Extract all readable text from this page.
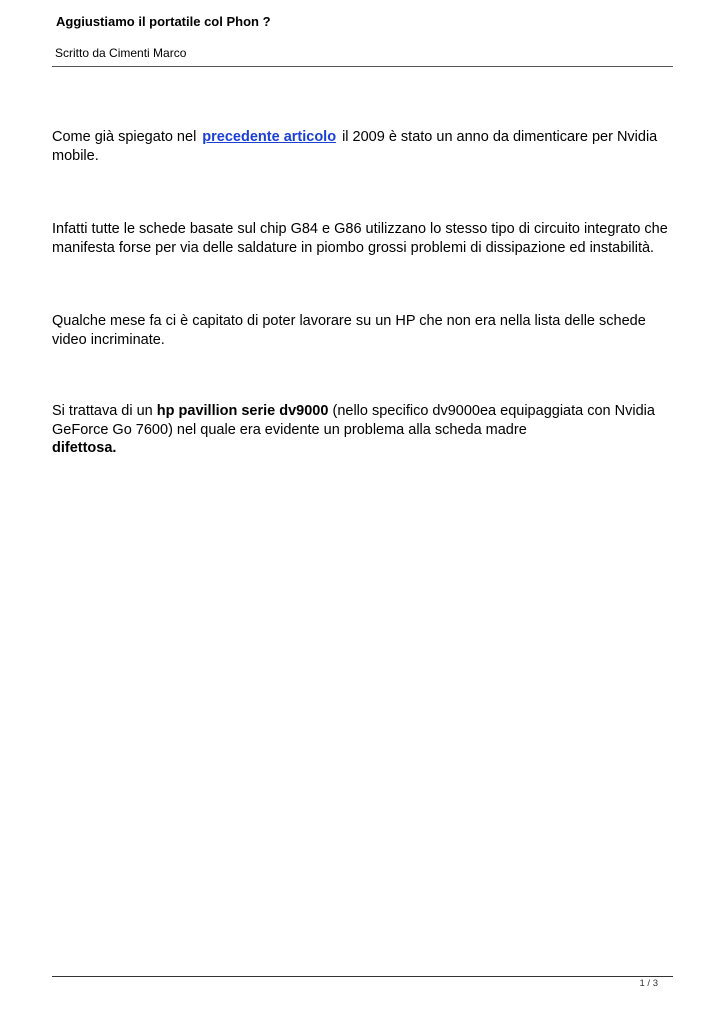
Aggiustiamo il portatile col Phon ?

Scritto da Cimenti Marco

Come già spiegato nel precedente articolo il 2009 è stato un anno da dimenticare per Nvidia mobile.

Infatti tutte le schede basate sul chip G84 e G86 utilizzano lo stesso tipo di circuito integrato che manifesta forse per via delle saldature in piombo grossi problemi di dissipazione ed instabilità.

Qualche mese fa ci è capitato di poter lavorare su un HP che non era nella lista delle schede video incriminate.

Si trattava di un hp pavillion serie dv9000 (nello specifico dv9000ea equipaggiata con Nvidia GeForce Go 7600) nel quale era evidente un problema alla scheda madre
difettosa.

1 / 3
